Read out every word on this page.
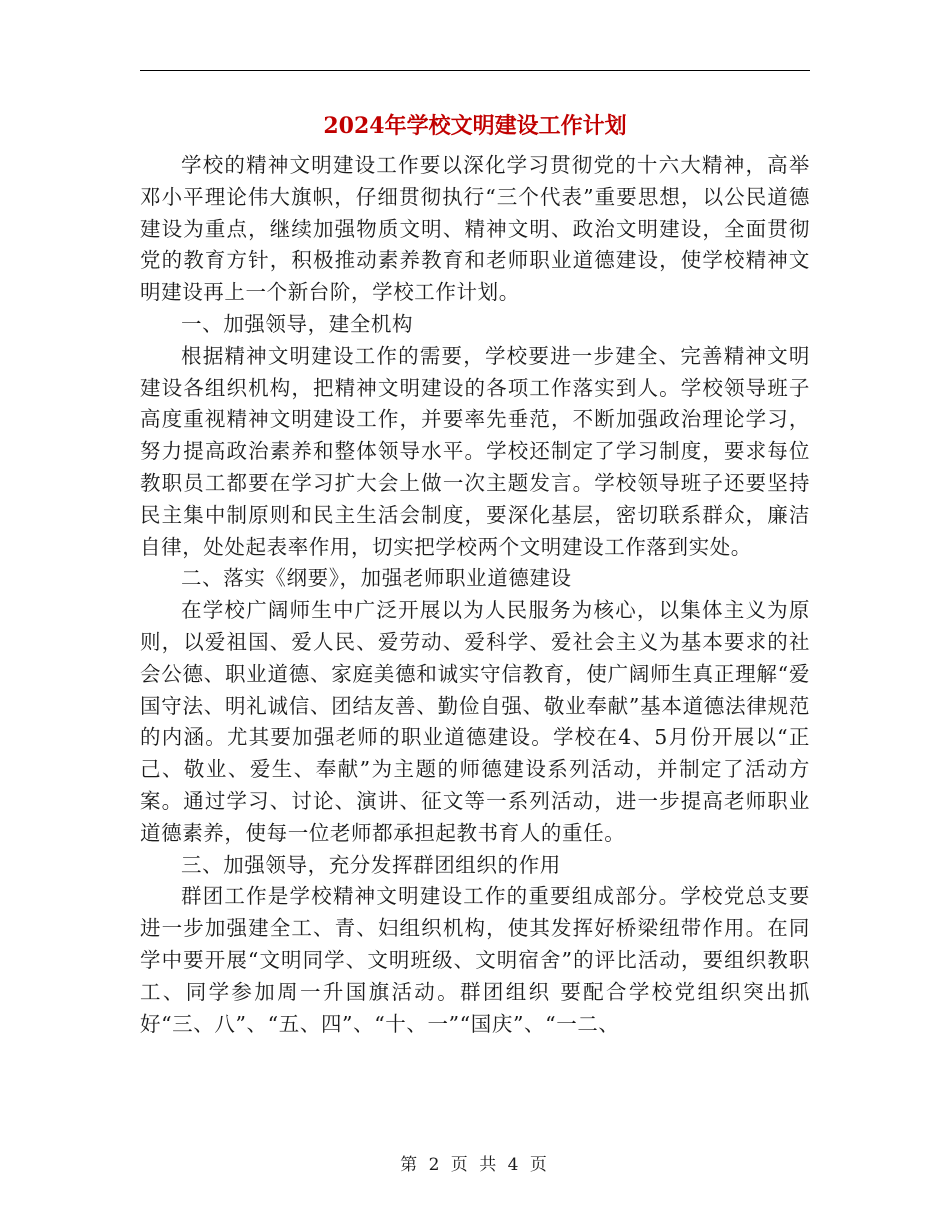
2024年学校文明建设工作计划

学校的精神文明建设工作要以深化学习贯彻党的十六大精神，高举邓小平理论伟大旗帜，仔细贯彻执行“三个代表”重要思想，以公民道德建设为重点，继续加强物质文明、精神文明、政治文明建设，全面贯彻党的教育方针，积极推动素养教育和老师职业道德建设，使学校精神文明建设再上一个新台阶，学校工作计划。

一、加强领导，建全机构

根据精神文明建设工作的需要，学校要进一步建全、完善精神文明建设各组织机构，把精神文明建设的各项工作落实到人。学校领导班子高度重视精神文明建设工作，并要率先垂范，不断加强政治理论学习，努力提高政治素养和整体领导水平。学校还制定了学习制度，要求每位教职员工都要在学习扩大会上做一次主题发言。学校领导班子还要坚持民主集中制原则和民主生活会制度，要深化基层，密切联系群众，廉洁自律，处处起表率作用，切实把学校两个文明建设工作落到实处。

二、落实《纲要》，加强老师职业道德建设

在学校广阔师生中广泛开展以为人民服务为核心，以集体主义为原则，以爱祖国、爱人民、爱劳动、爱科学、爱社会主义为基本要求的社会公德、职业道德、家庭美德和诚实守信教育，使广阔师生真正理解“爱国守法、明礼诚信、团结友善、勤俭自强、敬业奉献”基本道德法律规范的内涵。尤其要加强老师的职业道德建设。学校在4、5月份开展以“正己、敬业、爱生、奉献”为主题的师德建设系列活动，并制定了活动方案。通过学习、讨论、演讲、征文等一系列活动，进一步提高老师职业道德素养，使每一位老师都承担起教书育人的重任。

三、加强领导，充分发挥群团组织的作用

群团工作是学校精神文明建设工作的重要组成部分。学校党总支要进一步加强建全工、青、妇组织机构，使其发挥好桥梁纽带作用。在同学中要开展“文明同学、文明班级、文明宿舍”的评比活动，要组织教职工、同学参加周一升国旗活动。群团组织 要配合学校党组织突出抓好“三、八”、“五、四”、“十、一”“国庆”、“一二、

第 2 页 共 4 页
